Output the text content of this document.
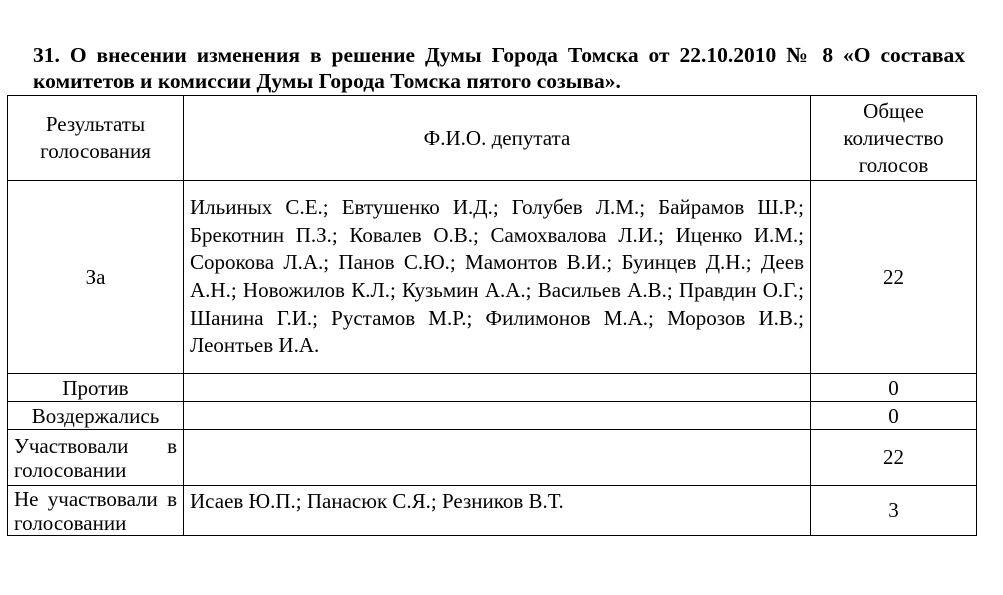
31. О внесении изменения в решение Думы Города Томска от 22.10.2010 № 8 «О составах комитетов и комиссии Думы Города Томска пятого созыва».

Результаты голосования	Ф.И.О. депутата	Общее количество голосов
За	Ильиных С.Е.; Евтушенко И.Д.; Голубев Л.М.; Байрамов Ш.Р.; Брекотнин П.З.; Ковалев О.В.; Самохвалова Л.И.; Иценко И.М.; Сорокова Л.А.; Панов С.Ю.; Мамонтов В.И.; Буинцев Д.Н.; Деев А.Н.; Новожилов К.Л.; Кузьмин А.А.; Васильев А.В.; Правдин О.Г.; Шанина Г.И.; Рустамов М.Р.; Филимонов М.А.; Морозов И.В.; Леонтьев И.А.	22
Против		0
Воздержались		0
Участвовали в голосовании		22
Не участвовали в голосовании	Исаев Ю.П.; Панасюк С.Я.; Резников В.Т.	3
